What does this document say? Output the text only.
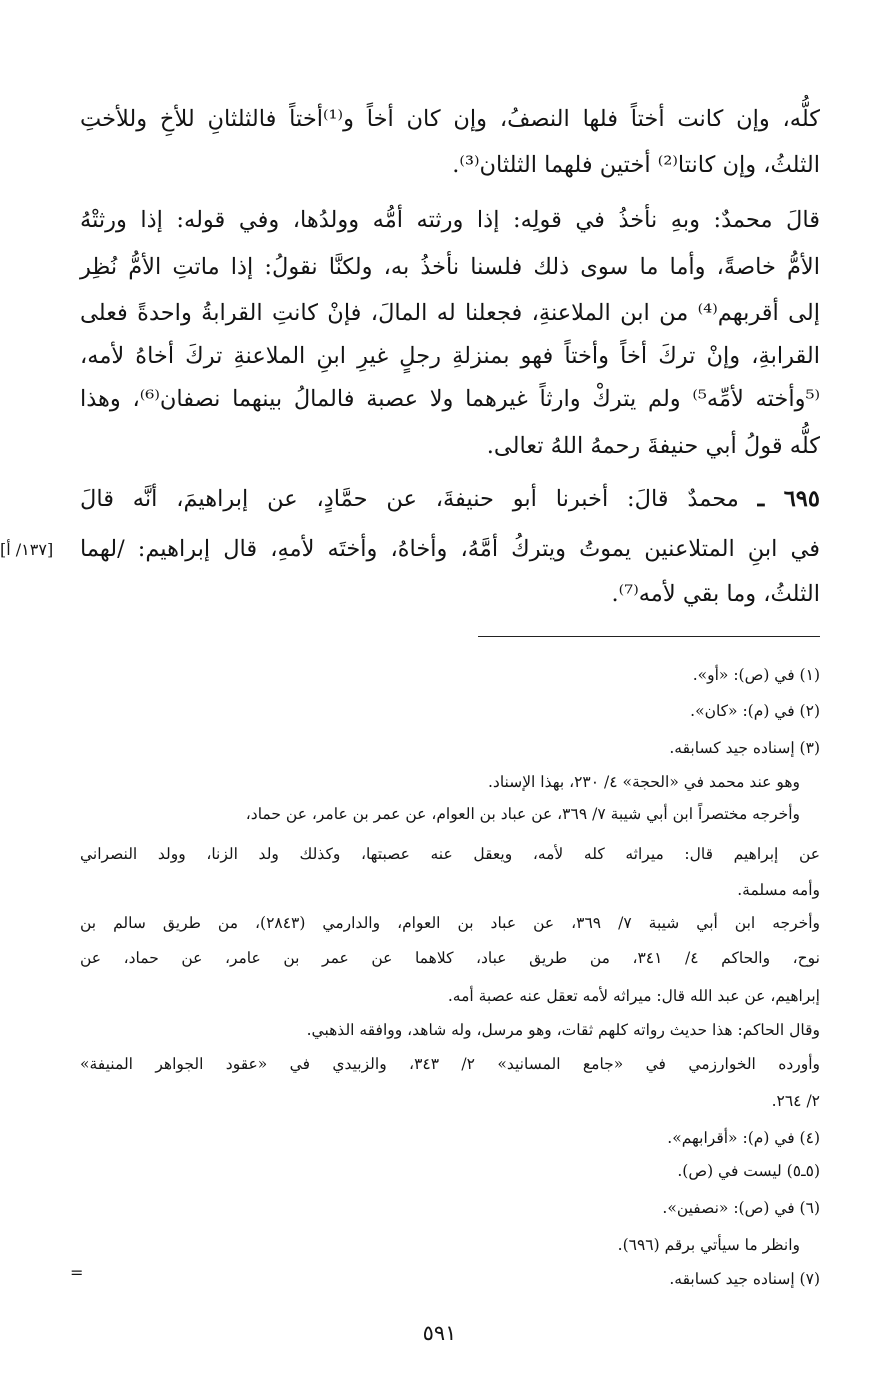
كلُّه، وإن كانت أختاً فلها النصفُ، وإن كان أخاً و⁽¹⁾أختاً فالثلثانِ للأخِ وللأختِ

الثلثُ، وإن كانتا⁽²⁾ أختين فلهما الثلثان⁽³⁾.

قالَ محمدٌ: وبهِ نأخذُ في قولِه: إذا ورثته أمُّه وولدُها، وفي قوله: إذا ورثتْهُ

الأمُّ خاصةً، وأما ما سوى ذلك فلسنا نأخذُ به، ولكنَّا نقولُ: إذا ماتتِ الأمُّ نُظِر

إلى أقربهم⁽⁴⁾ من ابن الملاعنةِ، فجعلنا له المالَ، فإنْ كانتِ القرابةُ واحدةً فعلى

القرابةِ، وإنْ تركَ أخاً وأختاً فهو بمنزلةِ رجلٍ غيرِ ابنِ الملاعنةِ تركَ أخاهُ لأمه،

⁽⁵وأخته لأمِّه⁵⁾ ولم يتركْ وارثاً غيرهما ولا عصبة فالمالُ بينهما نصفان⁽⁶⁾، وهذا

كلُّه قولُ أبي حنيفةَ رحمهُ اللهُ تعالى.

٦٩٥ ـ محمدٌ قالَ: أخبرنا أبو حنيفةَ، عن حمَّادٍ، عن إبراهيمَ، أنَّه قالَ

في ابنِ المتلاعنين يموتُ ويتركُ أمَّهُ، وأخاهُ، وأختَه لأمهِ، قال إبراهيم: /لهما

الثلثُ، وما بقي لأمه⁽⁷⁾.

[١٣٧/ أ]

(١) في (ص): «أو».

(٢) في (م): «كان».

(٣) إسناده جيد كسابقه.

وهو عند محمد في «الحجة» ٤/ ٢٣٠، بهذا الإسناد.

وأخرجه مختصراً ابن أبي شيبة ٧/ ٣٦٩، عن عباد بن العوام، عن عمر بن عامر، عن حماد،

عن إبراهيم قال: ميراثه كله لأمه، ويعقل عنه عصبتها، وكذلك ولد الزنا، وولد النصراني

وأمه مسلمة.

وأخرجه ابن أبي شيبة ٧/ ٣٦٩، عن عباد بن العوام، والدارمي (٢٨٤٣)، من طريق سالم بن

نوح، والحاكم ٤/ ٣٤١، من طريق عباد، كلاهما عن عمر بن عامر، عن حماد، عن

إبراهيم، عن عبد الله قال: ميراثه لأمه تعقل عنه عصبة أمه.

وقال الحاكم: هذا حديث رواته كلهم ثقات، وهو مرسل، وله شاهد، ووافقه الذهبي.

وأورده الخوارزمي في «جامع المسانيد» ٢/ ٣٤٣، والزبيدي في «عقود الجواهر المنيفة»

٢/ ٢٦٤.

(٤) في (م): «أقرابهم».

(٥ـ٥) ليست في (ص).

(٦) في (ص): «نصفين».

وانظر ما سيأتي برقم (٦٩٦).

(٧) إسناده جيد كسابقه.

=
٥٩١
